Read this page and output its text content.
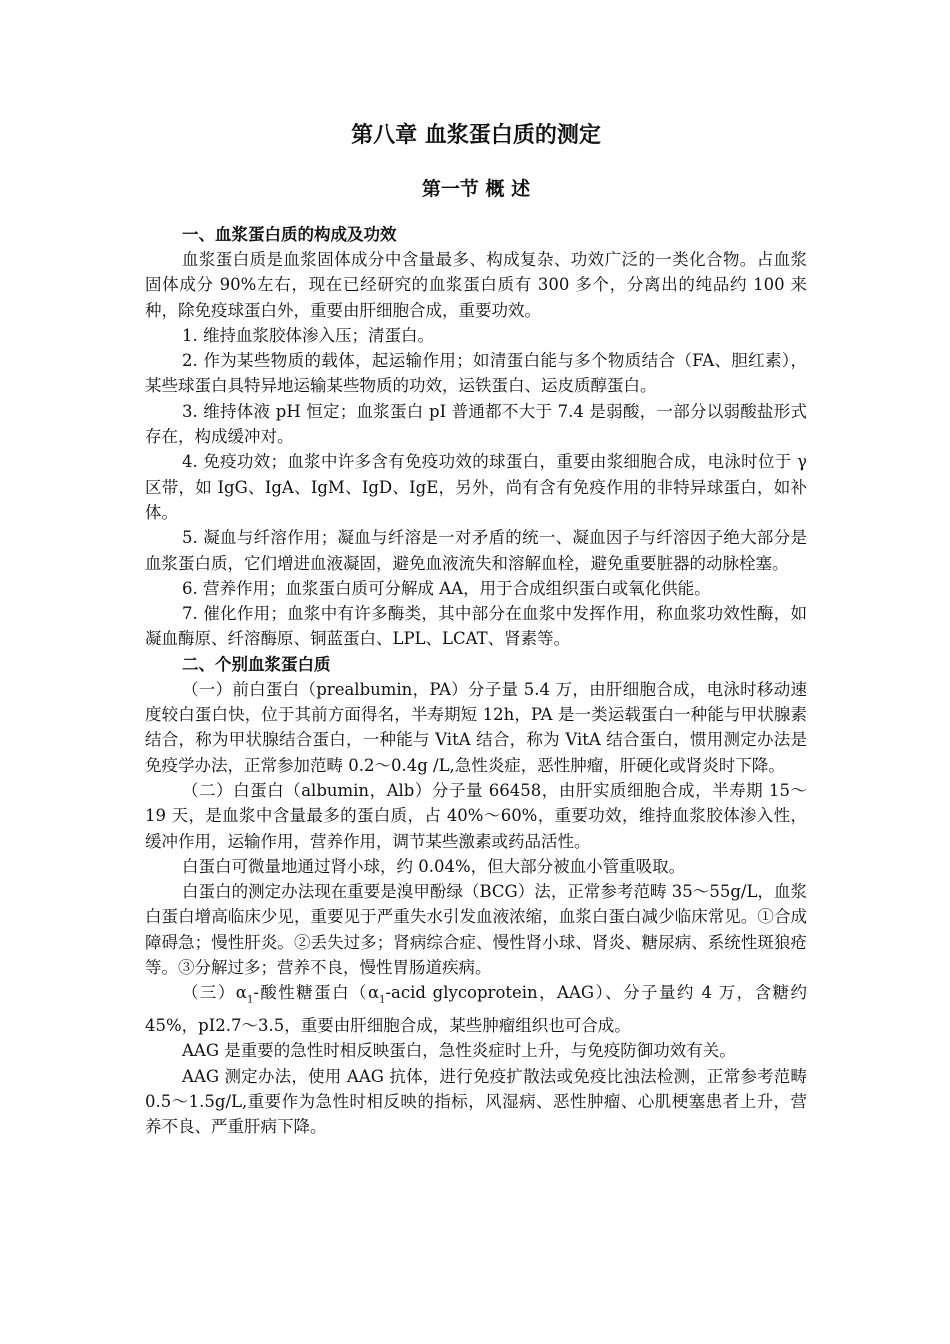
第八章 血浆蛋白质的测定
第一节 概 述
一、血浆蛋白质的构成及功效

血浆蛋白质是血浆固体成分中含量最多、构成复杂、功效广泛的一类化合物。占血浆固体成分 90%左右，现在已经研究的血浆蛋白质有 300 多个，分离出的纯品约 100 来种，除免疫球蛋白外，重要由肝细胞合成，重要功效。

1. 维持血浆胶体渗入压；清蛋白。

2. 作为某些物质的载体，起运输作用；如清蛋白能与多个物质结合（FA、胆红素），某些球蛋白具特异地运输某些物质的功效，运铁蛋白、运皮质醇蛋白。

3. 维持体液 pH 恒定；血浆蛋白 pI 普通都不大于 7.4 是弱酸，一部分以弱酸盐形式存在，构成缓冲对。

4. 免疫功效；血浆中许多含有免疫功效的球蛋白，重要由浆细胞合成，电泳时位于 γ 区带，如 IgG、IgA、IgM、IgD、IgE，另外，尚有含有免疫作用的非特异球蛋白，如补体。

5. 凝血与纤溶作用；凝血与纤溶是一对矛盾的统一、凝血因子与纤溶因子绝大部分是血浆蛋白质，它们增进血液凝固，避免血液流失和溶解血栓，避免重要脏器的动脉栓塞。

6. 营养作用；血浆蛋白质可分解成 AA，用于合成组织蛋白或氧化供能。

7. 催化作用；血浆中有许多酶类，其中部分在血浆中发挥作用，称血浆功效性酶，如凝血酶原、纤溶酶原、铜蓝蛋白、LPL、LCAT、肾素等。

二、个别血浆蛋白质

（一）前白蛋白（prealbumin，PA）分子量 5.4 万，由肝细胞合成，电泳时移动速度较白蛋白快，位于其前方面得名，半寿期短 12h，PA 是一类运载蛋白一种能与甲状腺素结合，称为甲状腺结合蛋白，一种能与 VitA 结合，称为 VitA 结合蛋白，惯用测定办法是免疫学办法，正常参加范畴 0.2～0.4g /L,急性炎症，恶性肿瘤，肝硬化或肾炎时下降。

（二）白蛋白（albumin，Alb）分子量 66458，由肝实质细胞合成，半寿期 15～19 天，是血浆中含量最多的蛋白质，占 40%～60%，重要功效，维持血浆胶体渗入性，缓冲作用，运输作用，营养作用，调节某些激素或药品活性。

白蛋白可微量地通过肾小球，约 0.04%，但大部分被血小管重吸取。

白蛋白的测定办法现在重要是溴甲酚绿（BCG）法，正常参考范畴 35～55g/L，血浆白蛋白增高临床少见，重要见于严重失水引发血液浓缩，血浆白蛋白减少临床常见。①合成障碍急；慢性肝炎。②丢失过多；肾病综合症、慢性肾小球、肾炎、糖尿病、系统性斑狼疮等。③分解过多；营养不良，慢性胃肠道疾病。

（三）$\alpha_1-$酸性糖蛋白（$\alpha_1$-acid glycoprotein，AAG）、分子量约 4 万，含糖约 45%，pI2.7～3.5，重要由肝细胞合成，某些肿瘤组织也可合成。

AAG 是重要的急性时相反映蛋白，急性炎症时上升，与免疫防御功效有关。

AAG 测定办法，使用 AAG 抗体，进行免疫扩散法或免疫比浊法检测，正常参考范畴 0.5～1.5g/L,重要作为急性时相反映的指标，风湿病、恶性肿瘤、心肌梗塞患者上升，营养不良、严重肝病下降。
